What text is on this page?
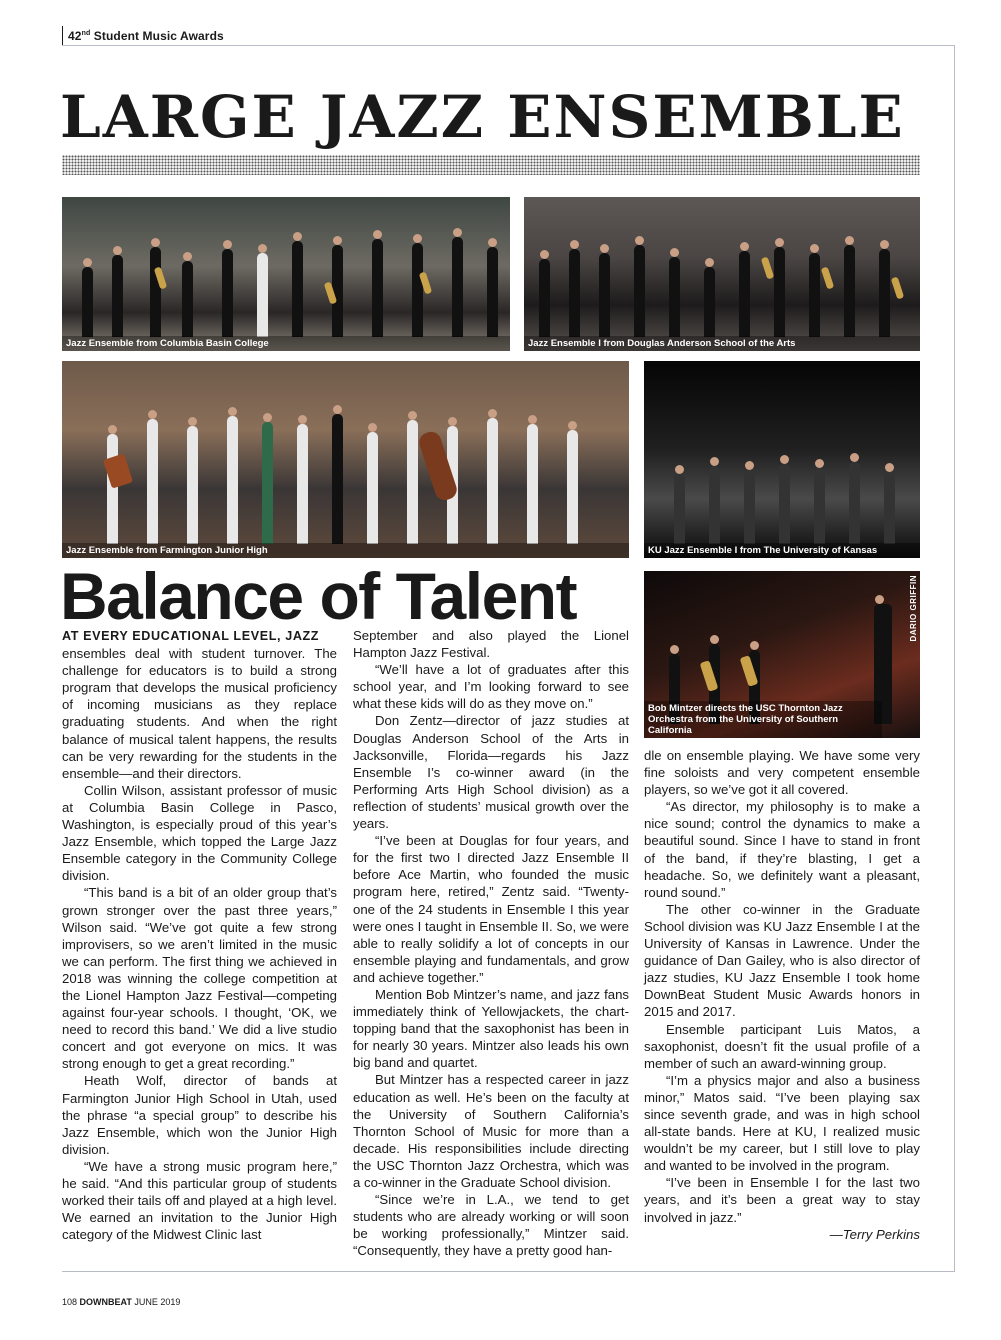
42nd Student Music Awards
LARGE JAZZ ENSEMBLE
Jazz Ensemble from Columbia Basin College	Jazz Ensemble I from Douglas Anderson School of the Arts
Jazz Ensemble from Farmington Junior High	KU Jazz Ensemble I from The University of Kansas
DARIO GRIFFIN
Bob Mintzer directs the USC Thornton Jazz Orchestra from the University of Southern California
Balance of Talent

AT EVERY EDUCATIONAL LEVEL, JAZZ
ensembles deal with student turnover. The challenge for educators is to build a strong program that develops the musical proficiency of incoming musicians as they replace graduating students. And when the right balance of musical talent happens, the results can be very rewarding for the students in the ensemble—and their directors.

Collin Wilson, assistant professor of music at Columbia Basin College in Pasco, Washington, is especially proud of this year’s Jazz Ensemble, which topped the Large Jazz Ensemble category in the Community College division.

“This band is a bit of an older group that’s grown stronger over the past three years,” Wilson said. “We’ve got quite a few strong improvisers, so we aren’t limited in the music we can perform. The first thing we achieved in 2018 was winning the college competition at the Lionel Hampton Jazz Festival—competing against four-year schools. I thought, ‘OK, we need to record this band.’ We did a live studio concert and got everyone on mics. It was strong enough to get a great recording.”

Heath Wolf, director of bands at Farmington Junior High School in Utah, used the phrase “a special group” to describe his Jazz Ensemble, which won the Junior High division.

“We have a strong music program here,” he said. “And this particular group of students worked their tails off and played at a high level. We earned an invitation to the Junior High category of the Midwest Clinic last

September and also played the Lionel Hampton Jazz Festival.

“We’ll have a lot of graduates after this school year, and I’m looking forward to see what these kids will do as they move on.”

Don Zentz—director of jazz studies at Douglas Anderson School of the Arts in Jacksonville, Florida—regards his Jazz Ensemble I’s co-winner award (in the Performing Arts High School division) as a reflection of students’ musical growth over the years.

“I’ve been at Douglas for four years, and for the first two I directed Jazz Ensemble II before Ace Martin, who founded the music program here, retired,” Zentz said. “Twenty-one of the 24 students in Ensemble I this year were ones I taught in Ensemble II. So, we were able to really solidify a lot of concepts in our ensemble playing and fundamentals, and grow and achieve together.”

Mention Bob Mintzer’s name, and jazz fans immediately think of Yellowjackets, the chart-topping band that the saxophonist has been in for nearly 30 years. Mintzer also leads his own big band and quartet.

But Mintzer has a respected career in jazz education as well. He’s been on the faculty at the University of Southern California’s Thornton School of Music for more than a decade. His responsibilities include directing the USC Thornton Jazz Orchestra, which was a co-winner in the Graduate School division.

“Since we’re in L.A., we tend to get students who are already working or will soon be working professionally,” Mintzer said. “Consequently, they have a pretty good han-

dle on ensemble playing. We have some very fine soloists and very competent ensemble players, so we’ve got it all covered.

“As director, my philosophy is to make a nice sound; control the dynamics to make a beautiful sound. Since I have to stand in front of the band, if they’re blasting, I get a headache. So, we definitely want a pleasant, round sound.”

The other co-winner in the Graduate School division was KU Jazz Ensemble I at the University of Kansas in Lawrence. Under the guidance of Dan Gailey, who is also director of jazz studies, KU Jazz Ensemble I took home DownBeat Student Music Awards honors in 2015 and 2017.

Ensemble participant Luis Matos, a saxophonist, doesn’t fit the usual profile of a member of such an award-winning group.

“I’m a physics major and also a business minor,” Matos said. “I’ve been playing sax since seventh grade, and was in high school all-state bands. Here at KU, I realized music wouldn’t be my career, but I still love to play and wanted to be involved in the program.

“I’ve been in Ensemble I for the last two years, and it’s been a great way to stay involved in jazz.”

—Terry Perkins

108 DOWNBEAT JUNE 2019
